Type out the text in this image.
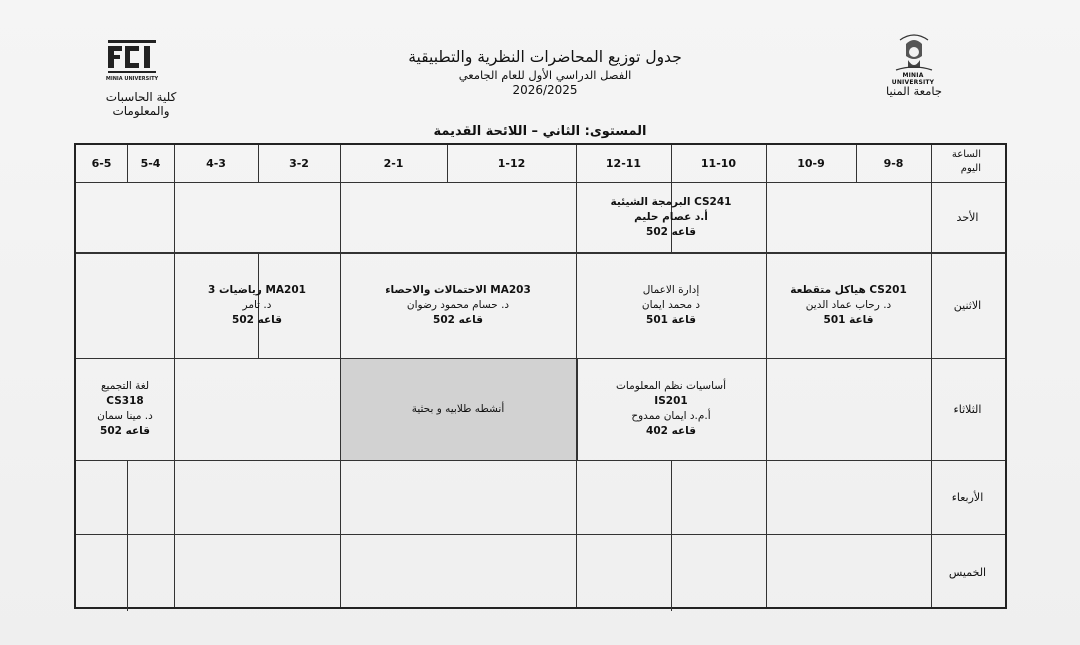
MINIA UNIVERSITY
كلية الحاسبات والمعلومات
MINIA UNIVERSITY
جامعة المنيا
جدول توزيع المحاضرات النظرية والتطبيقية
الفصل الدراسي الأول للعام الجامعي
2026/2025
المستوى: الثاني – اللائحة القديمة
9-8
10-9
11-10
12-11
1-12
2-1
3-2
4-3
5-4
6-5
الساعة
اليوم
الأحد
الاثنين
الثلاثاء
الأربعاء
الخميس
البرمجة الشيئية CS241
أ.د عصام حليم
قاعه 502
هياكل متقطعة CS201
د. رحاب عماد الدين
قاعة 501
إدارة الاعمال
د محمد ايمان
قاعة 501
الاحتمالات والاحصاء MA203
د. حسام محمود رضوان
قاعه 502
رياضيات 3 MA201
د. تامر
قاعه 502
أساسيات نظم المعلومات
IS201
أ.م.د ايمان ممدوح
قاعه 402
أنشطه طلابيه و بحثية
لغة التجميع
CS318
د. مينا سمان
قاعه 502
